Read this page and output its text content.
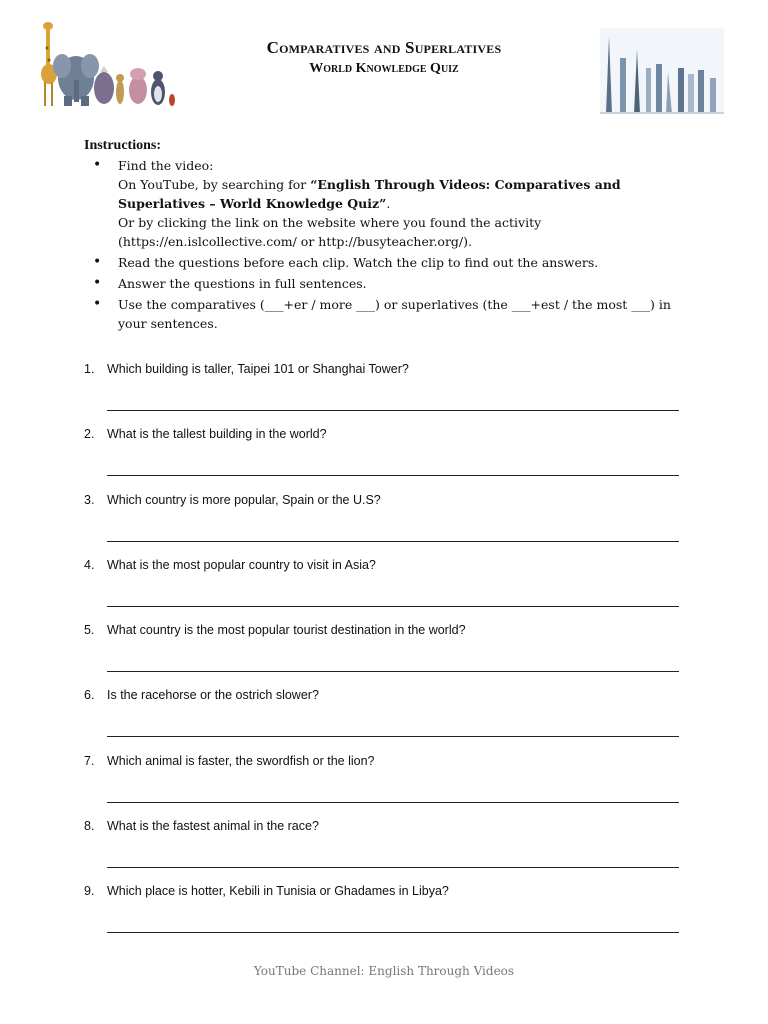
Comparatives and Superlatives
World Knowledge Quiz
Instructions:
• Find the video:
On YouTube, by searching for “English Through Videos: Comparatives and Superlatives – World Knowledge Quiz”.
Or by clicking the link on the website where you found the activity
(https://en.islcollective.com/ or http://busyteacher.org/).
• Read the questions before each clip. Watch the clip to find out the answers.
• Answer the questions in full sentences.
• Use the comparatives (___+er / more ___) or superlatives (the ___+est / the most ___) in your sentences.
1.	Which building is taller, Taipei 101 or Shanghai Tower?
2.	What is the tallest building in the world?
3.	Which country is more popular, Spain or the U.S?
4.	What is the most popular country to visit in Asia?
5.	What country is the most popular tourist destination in the world?
6.	Is the racehorse or the ostrich slower?
7.	Which animal is faster, the swordfish or the lion?
8.	What is the fastest animal in the race?
9.	Which place is hotter, Kebili in Tunisia or Ghadames in Libya?
YouTube Channel: English Through Videos
